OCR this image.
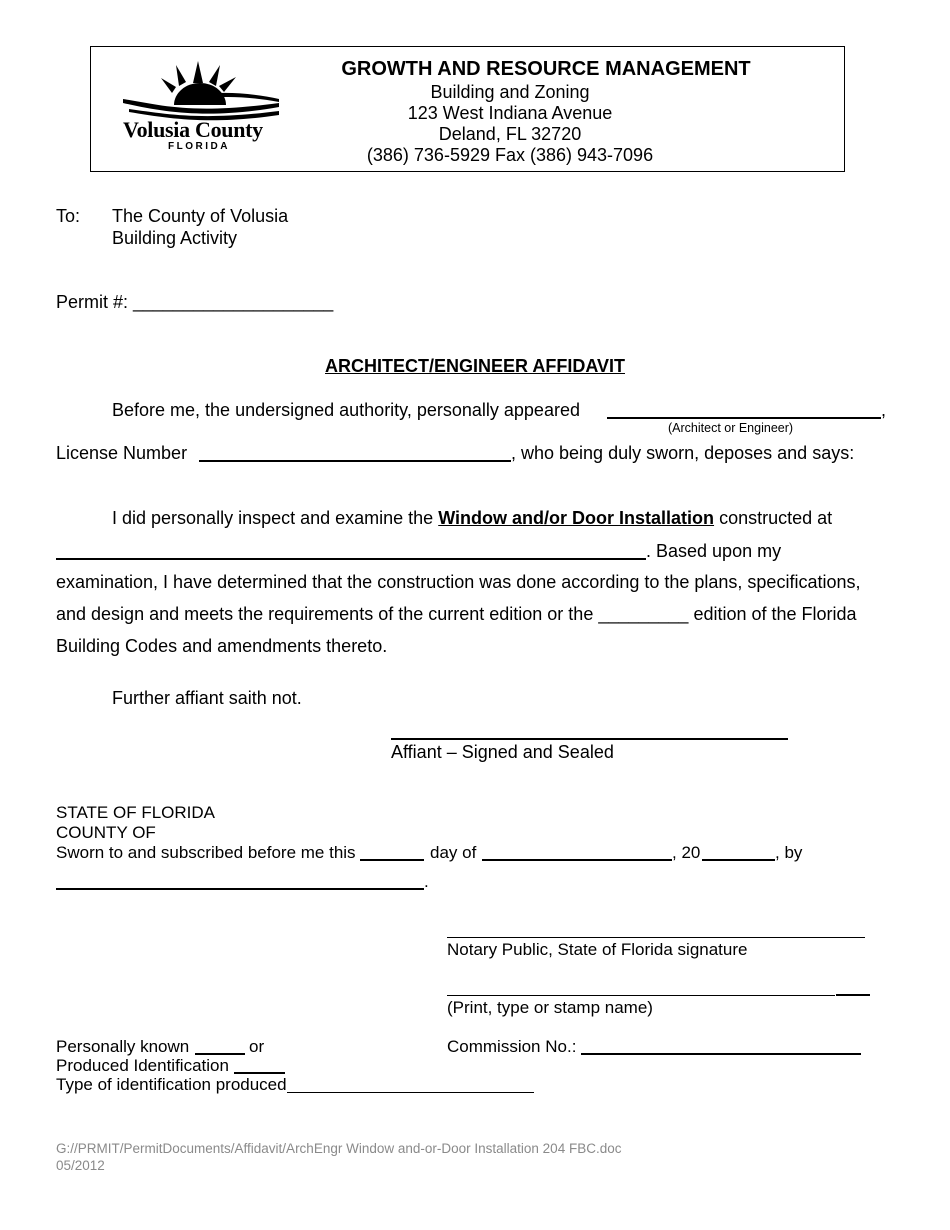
Volusia County
FLORIDA
GROWTH AND RESOURCE MANAGEMENT
Building and Zoning
123 West Indiana Avenue
Deland, FL 32720
(386) 736-5929 Fax (386) 943-7096
To: The County of Volusia
Building Activity
Permit #: ____________________
ARCHITECT/ENGINEER AFFIDAVIT
Before me, the undersigned authority, personally appeared	,
(Architect or Engineer)
License Number	, who being duly sworn, deposes and says:
I did personally inspect and examine the Window and/or Door Installation constructed at
. Based upon my
examination, I have determined that the construction was done according to the plans, specifications,
and design and meets the requirements of the current edition or the _________ edition of the Florida
Building Codes and amendments thereto.
Further affiant saith not.
Affiant – Signed and Sealed
STATE OF FLORIDA
COUNTY OF
Sworn to and subscribed before me this	day of	, 20	, by
.
Notary Public, State of Florida signature
(Print, type or stamp name)
Commission No.:
Personally known	or
Produced Identification
Type of identification produced
G://PRMIT/PermitDocuments/Affidavit/ArchEngr Window and-or-Door Installation 204 FBC.doc
05/2012
